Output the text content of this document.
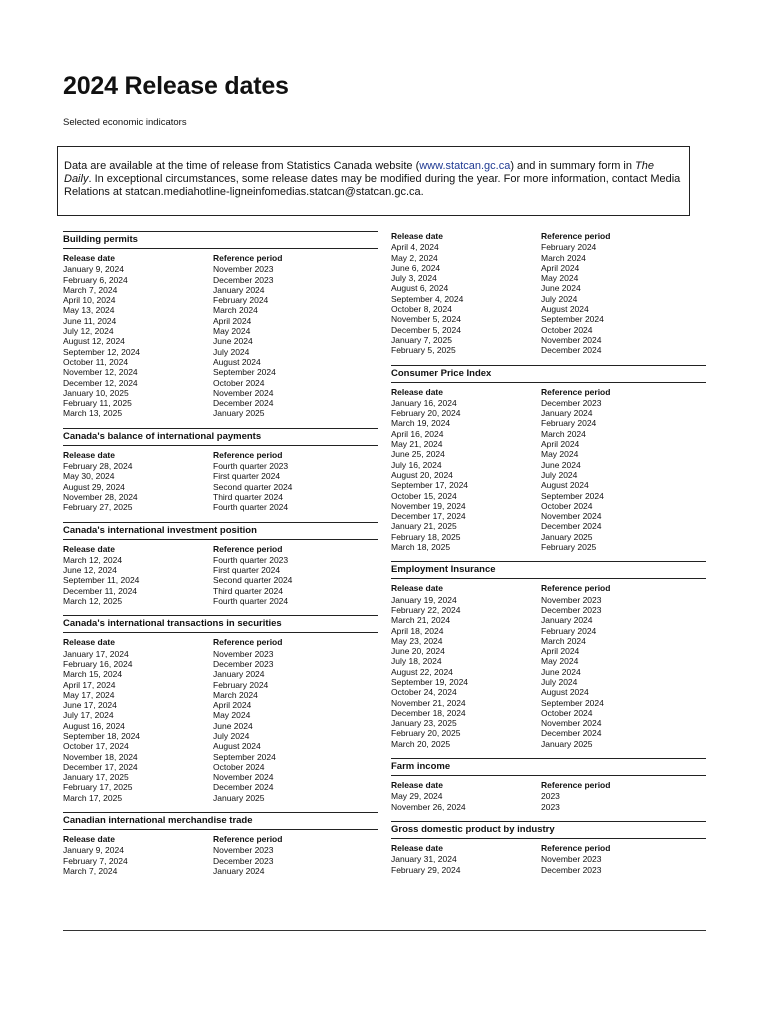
2024 Release dates
Selected economic indicators
Data are available at the time of release from Statistics Canada website (www.statcan.gc.ca) and in summary form in The Daily. In exceptional circumstances, some release dates may be modified during the year. For more information, contact Media Relations at statcan.mediahotline-ligneinfomedias.statcan@statcan.gc.ca.
Building permits
Release date	Reference period
January 9, 2024	November 2023
February 6, 2024	December 2023
March 7, 2024	January 2024
April 10, 2024	February 2024
May 13, 2024	March 2024
June 11, 2024	April 2024
July 12, 2024	May 2024
August 12, 2024	June 2024
September 12, 2024	July 2024
October 11, 2024	August 2024
November 12, 2024	September 2024
December 12, 2024	October 2024
January 10, 2025	November 2024
February 11, 2025	December 2024
March 13, 2025	January 2025
Canada's balance of international payments
Release date	Reference period
February 28, 2024	Fourth quarter 2023
May 30, 2024	First quarter 2024
August 29, 2024	Second quarter 2024
November 28, 2024	Third quarter 2024
February 27, 2025	Fourth quarter 2024
Canada's international investment position
Release date	Reference period
March 12, 2024	Fourth quarter 2023
June 12, 2024	First quarter 2024
September 11, 2024	Second quarter 2024
December 11, 2024	Third quarter 2024
March 12, 2025	Fourth quarter 2024
Canada's international transactions in securities
Release date	Reference period
January 17, 2024	November 2023
February 16, 2024	December 2023
March 15, 2024	January 2024
April 17, 2024	February 2024
May 17, 2024	March 2024
June 17, 2024	April 2024
July 17, 2024	May 2024
August 16, 2024	June 2024
September 18, 2024	July 2024
October 17, 2024	August 2024
November 18, 2024	September 2024
December 17, 2024	October 2024
January 17, 2025	November 2024
February 17, 2025	December 2024
March 17, 2025	January 2025
Canadian international merchandise trade
Release date	Reference period
January 9, 2024	November 2023
February 7, 2024	December 2023
March 7, 2024	January 2024
Release date	Reference period
April 4, 2024	February 2024
May 2, 2024	March 2024
June 6, 2024	April 2024
July 3, 2024	May 2024
August 6, 2024	June 2024
September 4, 2024	July 2024
October 8, 2024	August 2024
November 5, 2024	September 2024
December 5, 2024	October 2024
January 7, 2025	November 2024
February 5, 2025	December 2024
Consumer Price Index
Release date	Reference period
January 16, 2024	December 2023
February 20, 2024	January 2024
March 19, 2024	February 2024
April 16, 2024	March 2024
May 21, 2024	April 2024
June 25, 2024	May 2024
July 16, 2024	June 2024
August 20, 2024	July 2024
September 17, 2024	August 2024
October 15, 2024	September 2024
November 19, 2024	October 2024
December 17, 2024	November 2024
January 21, 2025	December 2024
February 18, 2025	January 2025
March 18, 2025	February 2025
Employment Insurance
Release date	Reference period
January 19, 2024	November 2023
February 22, 2024	December 2023
March 21, 2024	January 2024
April 18, 2024	February 2024
May 23, 2024	March 2024
June 20, 2024	April 2024
July 18, 2024	May 2024
August 22, 2024	June 2024
September 19, 2024	July 2024
October 24, 2024	August 2024
November 21, 2024	September 2024
December 18, 2024	October 2024
January 23, 2025	November 2024
February 20, 2025	December 2024
March 20, 2025	January 2025
Farm income
Release date	Reference period
May 29, 2024	2023
November 26, 2024	2023
Gross domestic product by industry
Release date	Reference period
January 31, 2024	November 2023
February 29, 2024	December 2023
